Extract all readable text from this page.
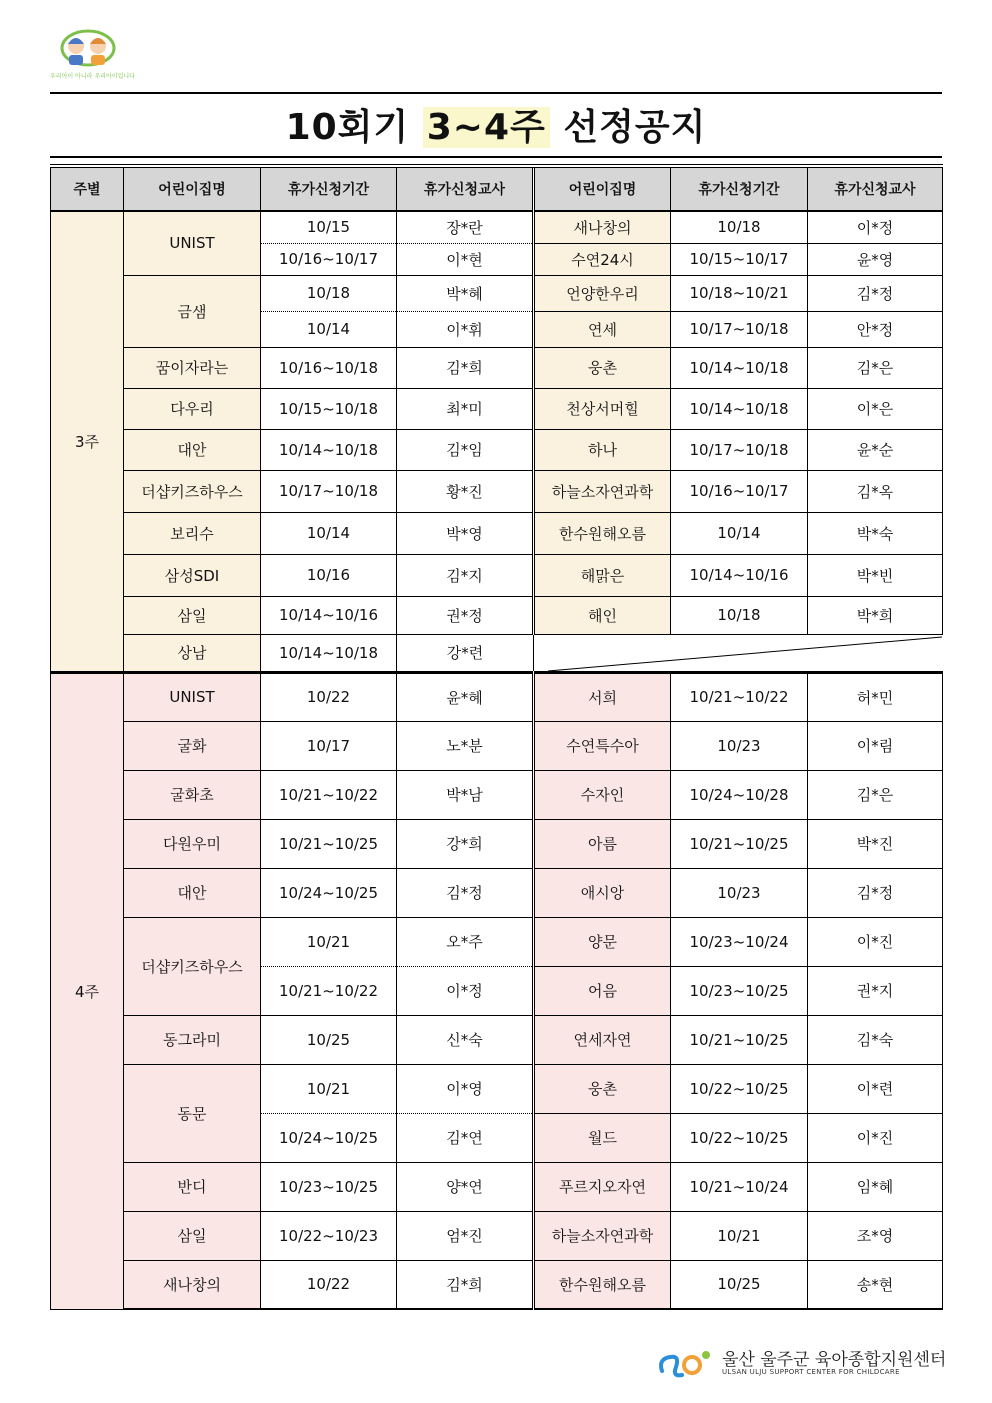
우리아이 아니라 우리아이입니다
10회기 3~4주 선정공지
주별	어린이집명	휴가신청기간	휴가신청교사	어린이집명	휴가신청기간	휴가신청교사
3주	UNIST	10/15	장*란	새나창의	10/18	이*정
		10/16~10/17	이*현	수연24시	10/15~10/17	윤*영
	금샘	10/18	박*혜	언양한우리	10/18~10/21	김*정
		10/14	이*휘	연세	10/17~10/18	안*정
	꿈이자라는	10/16~10/18	김*희	웅촌	10/14~10/18	김*은
	다우리	10/15~10/18	최*미	천상서머힐	10/14~10/18	이*은
	대안	10/14~10/18	김*임	하나	10/17~10/18	윤*순
	더샵키즈하우스	10/17~10/18	황*진	하늘소자연과학	10/16~10/17	김*옥
	보리수	10/14	박*영	한수원해오름	10/14	박*숙
	삼성SDI	10/16	김*지	해맑은	10/14~10/16	박*빈
	삼일	10/14~10/16	권*정	해인	10/18	박*희
	상남	10/14~10/18	강*련	

4주	UNIST	10/22	윤*혜	서희	10/21~10/22	허*민
	굴화	10/17	노*분	수연특수아	10/23	이*림
	굴화초	10/21~10/22	박*남	수자인	10/24~10/28	김*은
	다원우미	10/21~10/25	강*희	아름	10/21~10/25	박*진
	대안	10/24~10/25	김*정	애시앙	10/23	김*정
	더샵키즈하우스	10/21	오*주	양문	10/23~10/24	이*진
		10/21~10/22	이*정	어음	10/23~10/25	권*지
	동그라미	10/25	신*숙	연세자연	10/21~10/25	김*숙
	동문	10/21	이*영	웅촌	10/22~10/25	이*련
		10/24~10/25	김*연	월드	10/22~10/25	이*진
	반디	10/23~10/25	양*연	푸르지오자연	10/21~10/24	임*혜
	삼일	10/22~10/23	엄*진	하늘소자연과학	10/21	조*영
	새나창의	10/22	김*희	한수원해오름	10/25	송*현
울산 울주군 육아종합지원센터
ULSAN ULJU SUPPORT CENTER FOR CHILDCARE
